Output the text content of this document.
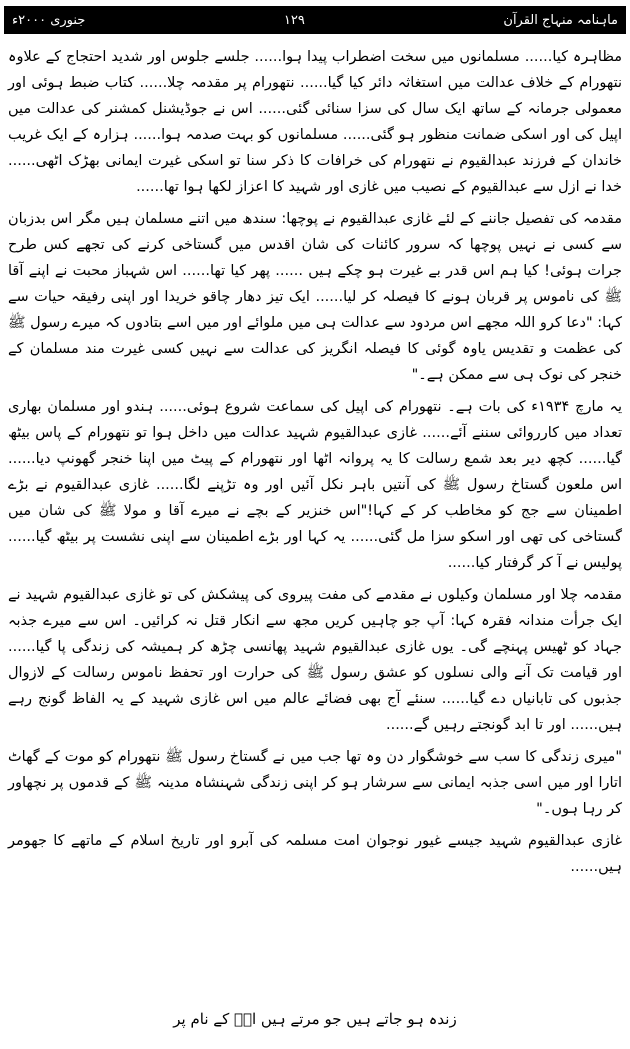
ماہنامہ منہاج القرآن
۱۲۹
جنوری ۲۰۰۰ء

مظاہرہ کیا...... مسلمانوں میں سخت اضطراب پیدا ہوا...... جلسے جلوس اور شدید احتجاج کے علاوہ نتھورام کے خلاف عدالت میں استغاثہ دائر کیا گیا...... نتھورام پر مقدمہ چلا...... کتاب ضبط ہوئی اور معمولی جرمانہ کے ساتھ ایک سال کی سزا سنائی گئی...... اس نے جوڈیشنل کمشنر کی عدالت میں اپیل کی اور اسکی ضمانت منظور ہو گئی...... مسلمانوں کو بہت صدمہ ہوا...... ہزارہ کے ایک غریب خاندان کے فرزند عبدالقیوم نے نتھورام کی خرافات کا ذکر سنا تو اسکی غیرت ایمانی بھڑک اٹھی...... خدا نے ازل سے عبدالقیوم کے نصیب میں غازی اور شہید کا اعزاز لکھا ہوا تھا......

مقدمہ کی تفصیل جاننے کے لئے غازی عبدالقیوم نے پوچھا: سندھ میں اتنے مسلمان ہیں مگر اس بدزبان سے کسی نے نہیں پوچھا کہ سرور کائنات کی شان اقدس میں گستاخی کرنے کی تجھے کس طرح جرات ہوئی! کیا ہم اس قدر بے غیرت ہو چکے ہیں ...... پھر کیا تھا...... اس شہباز محبت نے اپنے آقا ﷺ کی ناموس پر قربان ہونے کا فیصلہ کر لیا...... ایک تیز دھار چاقو خریدا اور اپنی رفیقہ حیات سے کہا: "دعا کرو اللہ مجھے اس مردود سے عدالت ہی میں ملوائے اور میں اسے بتادوں کہ میرے رسول ﷺ کی عظمت و تقدیس یاوہ گوئی کا فیصلہ انگریز کی عدالت سے نہیں کسی غیرت مند مسلمان کے خنجر کی نوک ہی سے ممکن ہے۔"

یہ مارچ ۱۹۳۴ء کی بات ہے۔ نتھورام کی اپیل کی سماعت شروع ہوئی...... ہندو اور مسلمان بھاری تعداد میں کارروائی سننے آئے...... غازی عبدالقیوم شہید عدالت میں داخل ہوا تو نتھورام کے پاس بیٹھ گیا...... کچھ دیر بعد شمع رسالت کا یہ پروانہ اٹھا اور نتھورام کے پیٹ میں اپنا خنجر گھونپ دیا...... اس ملعون گستاخ رسول ﷺ کی آنتیں باہر نکل آئیں اور وہ تڑپنے لگا...... غازی عبدالقیوم نے بڑے اطمینان سے جج کو مخاطب کر کے کہا!"اس خنزیر کے بچے نے میرے آقا و مولا ﷺ کی شان میں گستاخی کی تھی اور اسکو سزا مل گئی...... یہ کہا اور بڑے اطمینان سے اپنی نشست پر بیٹھ گیا...... پولیس نے آ کر گرفتار کیا......

مقدمہ چلا اور مسلمان وکیلوں نے مقدمے کی مفت پیروی کی پیشکش کی تو غازی عبدالقیوم شہید نے ایک جرأت مندانہ فقرہ کہا: آپ جو چاہیں کریں مجھ سے انکار قتل نہ کرائیں۔ اس سے میرے جذبہ جہاد کو ٹھیس پہنچے گی۔ یوں غازی عبدالقیوم شہید پھانسی چڑھ کر ہمیشہ کی زندگی پا گیا...... اور قیامت تک آنے والی نسلوں کو عشق رسول ﷺ کی حرارت اور تحفظ ناموس رسالت کے لازوال جذبوں کی تابانیاں دے گیا...... سنئے آج بھی فضائے عالم میں اس غازی شہید کے یہ الفاظ گونج رہے ہیں...... اور تا ابد گونجتے رہیں گے......

"میری زندگی کا سب سے خوشگوار دن وہ تھا جب میں نے گستاخ رسول ﷺ نتھورام کو موت کے گھاٹ اتارا اور میں اسی جذبہ ایمانی سے سرشار ہو کر اپنی زندگی شہنشاہ مدینہ ﷺ کے قدموں پر نچھاور کر رہا ہوں۔"

غازی عبدالقیوم شہید جیسے غیور نوجوان امت مسلمہ کی آبرو اور تاریخ اسلام کے ماتھے کا جھومر ہیں......

زندہ ہو جاتے ہیں جو مرتے ہیں انؐ کے نام پر
